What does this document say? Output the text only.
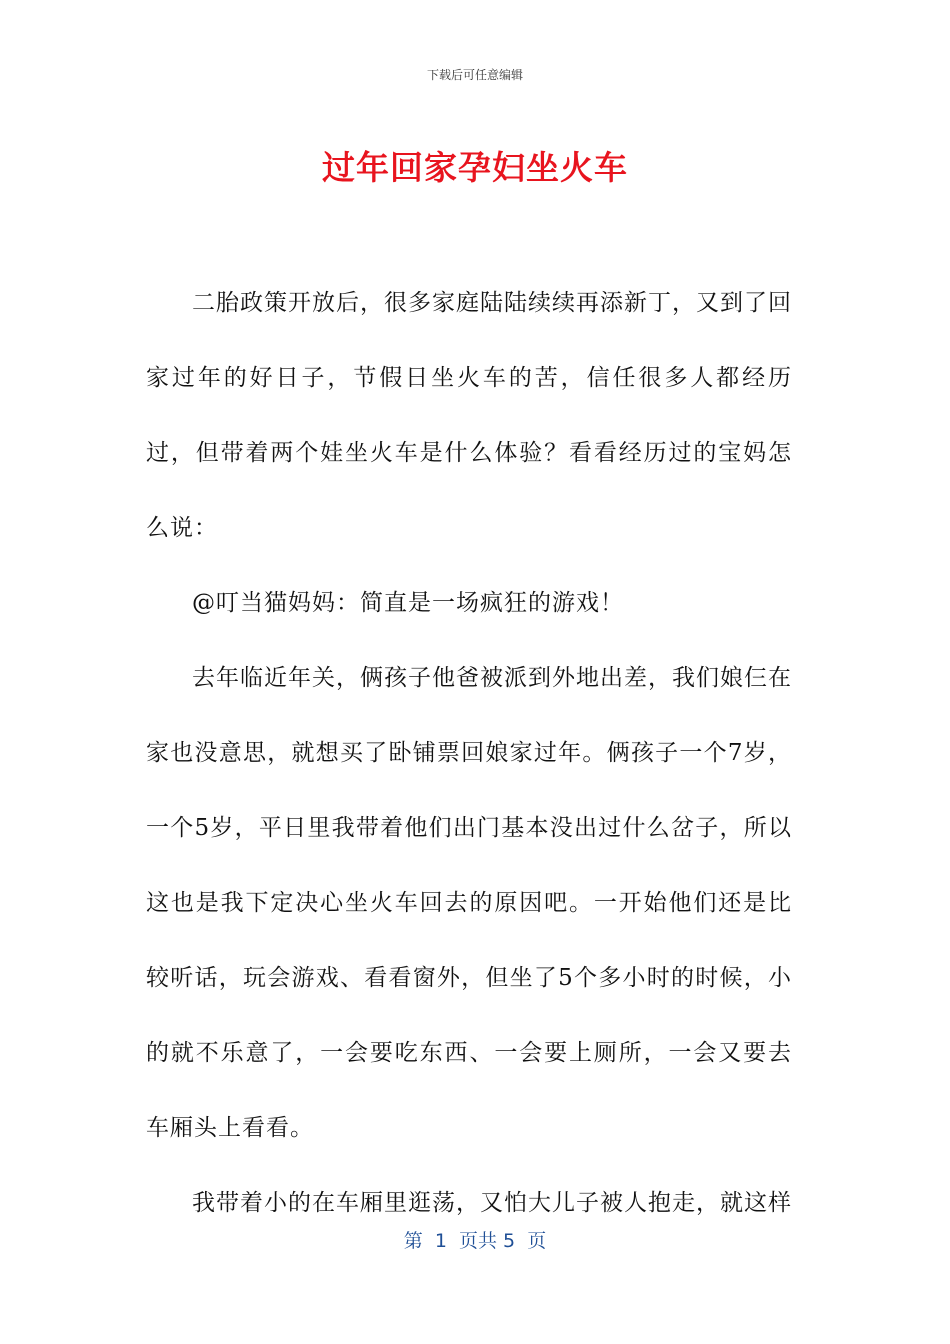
下载后可任意编辑
过年回家孕妇坐火车

二胎政策开放后，很多家庭陆陆续续再添新丁，又到了回家过年的好日子，节假日坐火车的苦，信任很多人都经历过，但带着两个娃坐火车是什么体验？看看经历过的宝妈怎么说：

@叮当猫妈妈：简直是一场疯狂的游戏！

去年临近年关，俩孩子他爸被派到外地出差，我们娘仨在家也没意思，就想买了卧铺票回娘家过年。俩孩子一个7岁，一个5岁，平日里我带着他们出门基本没出过什么岔子，所以这也是我下定决心坐火车回去的原因吧。一开始他们还是比较听话，玩会游戏、看看窗外，但坐了5个多小时的时候，小的就不乐意了，一会要吃东西、一会要上厕所，一会又要去车厢头上看看。

我带着小的在车厢里逛荡，又怕大儿子被人抱走，就这样

第  1  页共 5  页
